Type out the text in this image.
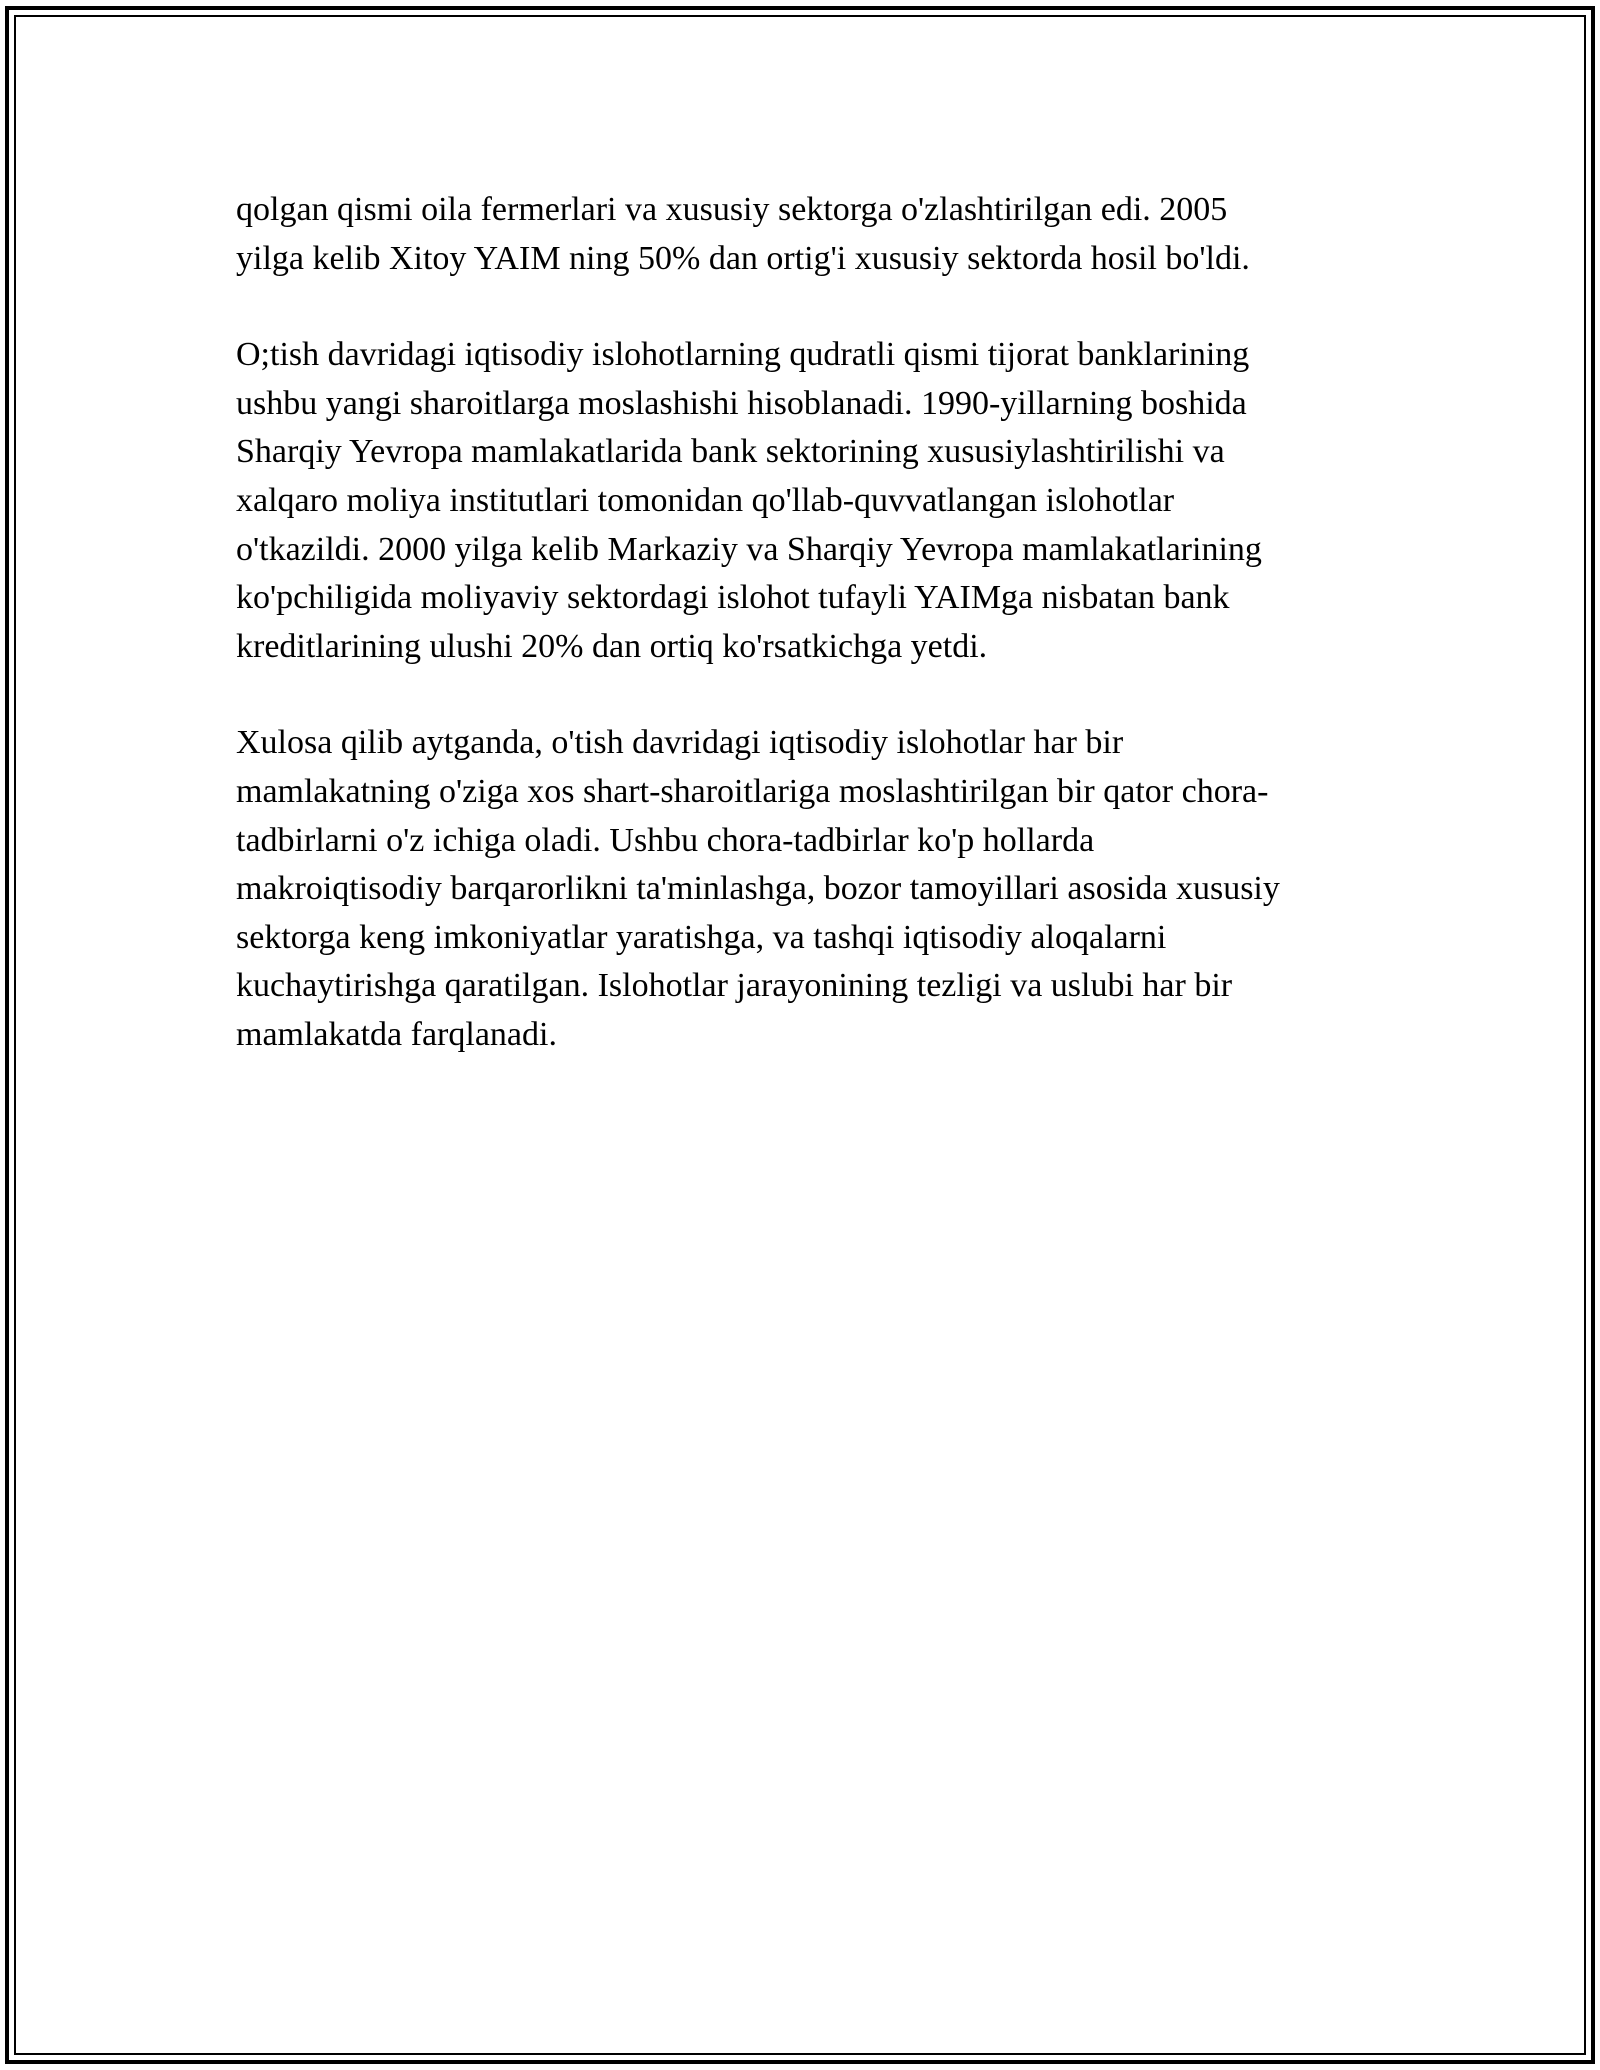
qolgan qismi oila fermerlari va xususiy sektorga o'zlashtirilgan edi. 2005
yilga kelib Xitoy YAIM ning 50% dan ortig'i xususiy sektorda hosil bo'ldi.

O;tish davridagi iqtisodiy islohotlarning qudratli qismi tijorat banklarining
ushbu yangi sharoitlarga moslashishi hisoblanadi. 1990-yillarning boshida
Sharqiy Yevropa mamlakatlarida bank sektorining xususiylashtirilishi va
xalqaro moliya institutlari tomonidan qo'llab-quvvatlangan islohotlar
o'tkazildi. 2000 yilga kelib Markaziy va Sharqiy Yevropa mamlakatlarining
ko'pchiligida moliyaviy sektordagi islohot tufayli YAIMga nisbatan bank
kreditlarining ulushi 20% dan ortiq ko'rsatkichga yetdi.

Xulosa qilib aytganda, o'tish davridagi iqtisodiy islohotlar har bir
mamlakatning o'ziga xos shart-sharoitlariga moslashtirilgan bir qator chora-
tadbirlarni o'z ichiga oladi. Ushbu chora-tadbirlar ko'p hollarda
makroiqtisodiy barqarorlikni ta'minlashga, bozor tamoyillari asosida xususiy
sektorga keng imkoniyatlar yaratishga, va tashqi iqtisodiy aloqalarni
kuchaytirishga qaratilgan. Islohotlar jarayonining tezligi va uslubi har bir
mamlakatda farqlanadi.
